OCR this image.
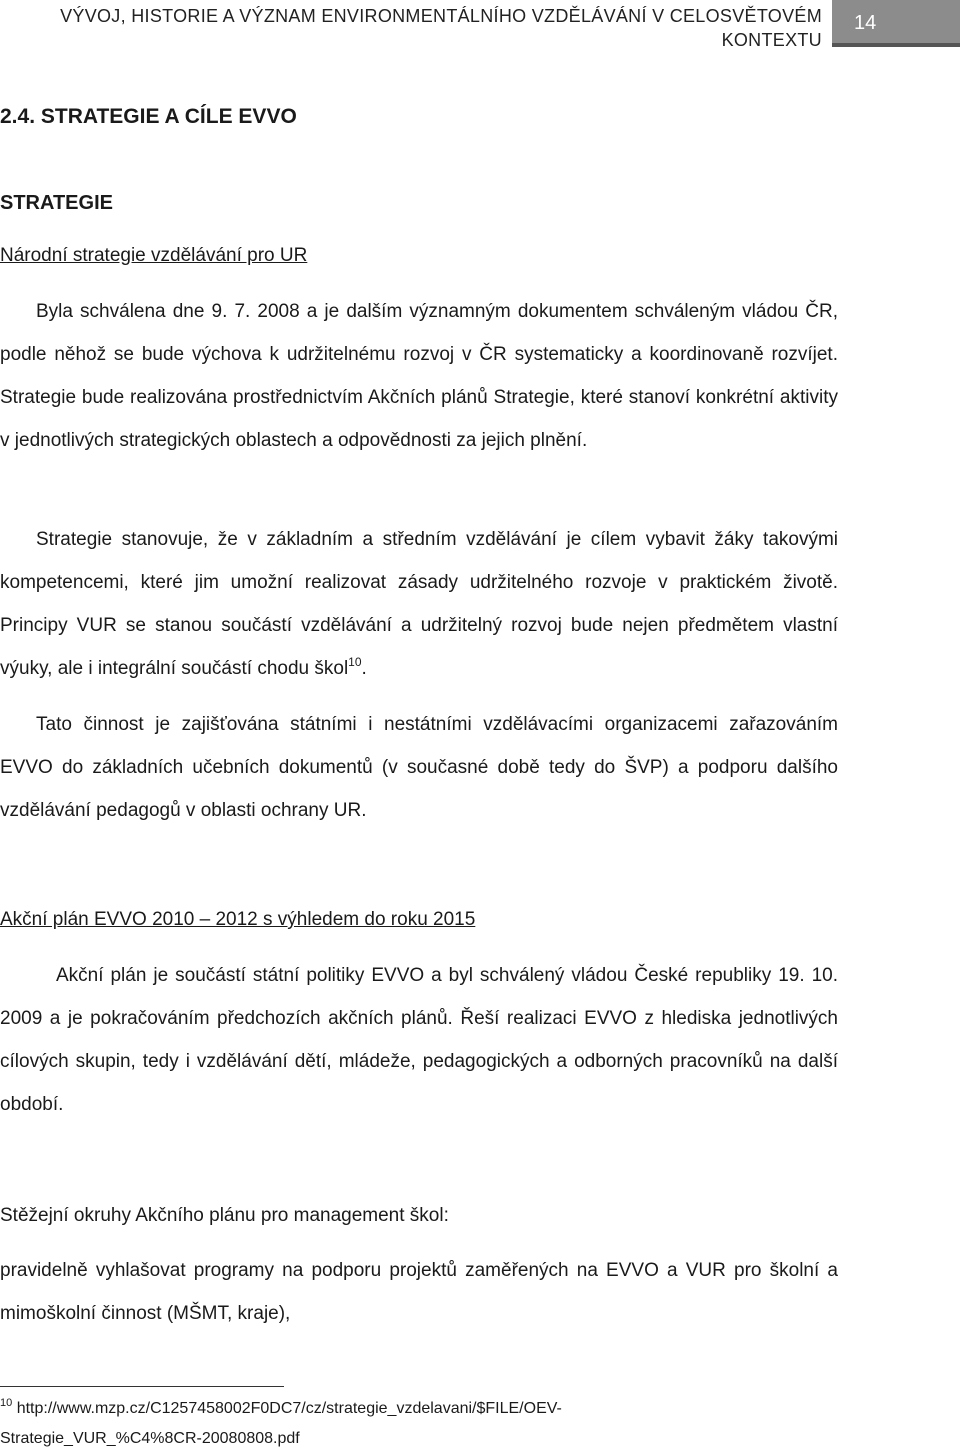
VÝVOJ, HISTORIE A VÝZNAM ENVIRONMENTÁLNÍHO VZDĚLÁVÁNÍ V CELOSVĚTOVÉM KONTEXTU
14
2.4. STRATEGIE A CÍLE EVVO
STRATEGIE

Národní strategie vzdělávání pro UR

Byla schválena dne 9. 7. 2008 a je dalším významným dokumentem schváleným vládou ČR, podle něhož se bude výchova k udržitelnému rozvoj v ČR systematicky a koordinovaně rozvíjet. Strategie bude realizována prostřednictvím Akčních plánů Strategie, které stanoví konkrétní aktivity v jednotlivých strategických oblastech a odpovědnosti za jejich plnění.

Strategie stanovuje, že v základním a středním vzdělávání je cílem vybavit žáky takovými kompetencemi, které jim umožní realizovat zásady udržitelného rozvoje v praktickém životě. Principy VUR se stanou součástí vzdělávání a udržitelný rozvoj bude nejen předmětem vlastní výuky, ale i integrální součástí chodu škol$^{10}$.

Tato činnost je zajišťována státními i nestátními vzdělávacími organizacemi zařazováním EVVO do základních učebních dokumentů (v současné době tedy do ŠVP) a podporu dalšího vzdělávání pedagogů v oblasti ochrany UR.

Akční plán EVVO 2010 – 2012 s výhledem do roku 2015

Akční plán je součástí státní politiky EVVO a byl schválený vládou České republiky 19. 10. 2009 a je pokračováním předchozích akčních plánů. Řeší realizaci EVVO z hlediska jednotlivých cílových skupin, tedy i vzdělávání dětí, mládeže, pedagogických a odborných pracovníků na další období.

Stěžejní okruhy Akčního plánu pro management škol:

pravidelně vyhlašovat programy na podporu projektů zaměřených na EVVO a VUR pro školní a mimoškolní činnost (MŠMT, kraje),

$^{10}$ http://www.mzp.cz/C1257458002F0DC7/cz/strategie_vzdelavani/$FILE/OEV-Strategie_VUR_%C4%8CR-20080808.pdf
